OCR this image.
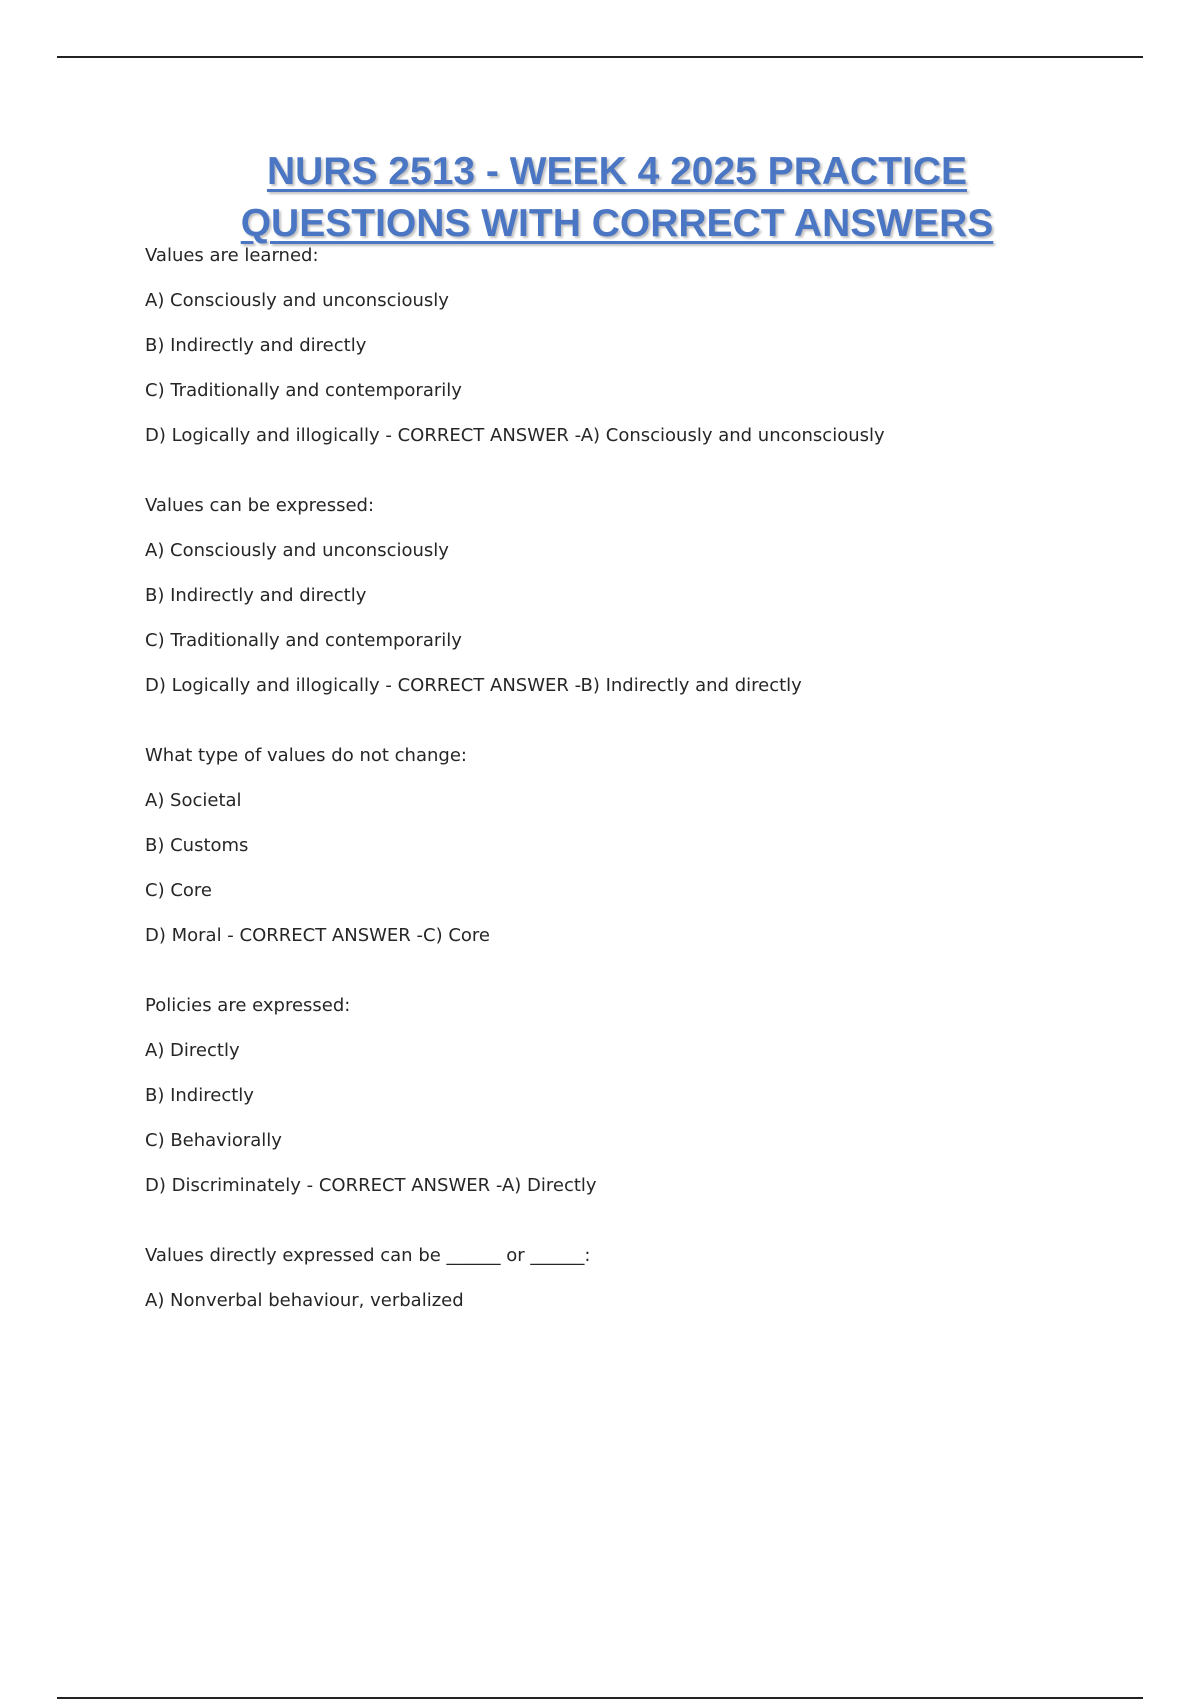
NURS 2513 - WEEK 4 2025 PRACTICE
QUESTIONS WITH CORRECT ANSWERS

Values are learned:

A) Consciously and unconsciously

B) Indirectly and directly

C) Traditionally and contemporarily

D) Logically and illogically - CORRECT ANSWER -A) Consciously and unconsciously

Values can be expressed:

A) Consciously and unconsciously

B) Indirectly and directly

C) Traditionally and contemporarily

D) Logically and illogically - CORRECT ANSWER -B) Indirectly and directly

What type of values do not change:

A) Societal

B) Customs

C) Core

D) Moral - CORRECT ANSWER -C) Core

Policies are expressed:

A) Directly

B) Indirectly

C) Behaviorally

D) Discriminately - CORRECT ANSWER -A) Directly

Values directly expressed can be ______ or ______:

A) Nonverbal behaviour, verbalized
